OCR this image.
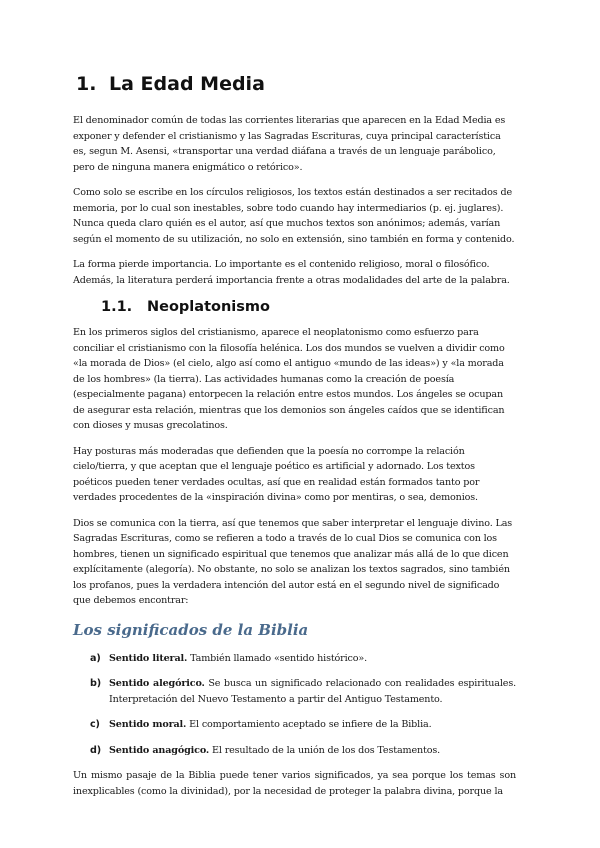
1. La Edad Media

El denominador común de todas las corrientes literarias que aparecen en la Edad Media es exponer y defender el cristianismo y las Sagradas Escrituras, cuya principal característica es, segun M. Asensi, «transportar una verdad diáfana a través de un lenguaje parábolico, pero de ninguna manera enigmático o retórico».

Como solo se escribe en los círculos religiosos, los textos están destinados a ser recitados de memoria, por lo cual son inestables, sobre todo cuando hay intermediarios (p. ej. juglares). Nunca queda claro quién es el autor, así que muchos textos son anónimos; además, varían según el momento de su utilización, no solo en extensión, sino también en forma y contenido.

La forma pierde importancia. Lo importante es el contenido religioso, moral o filosófico. Además, la literatura perderá importancia frente a otras modalidades del arte de la palabra.

1.1. Neoplatonismo

En los primeros siglos del cristianismo, aparece el neoplatonismo como esfuerzo para conciliar el cristianismo con la filosofía helénica. Los dos mundos se vuelven a dividir como «la morada de Dios» (el cielo, algo así como el antiguo «mundo de las ideas») y «la morada de los hombres» (la tierra). Las actividades humanas como la creación de poesía (especialmente pagana) entorpecen la relación entre estos mundos. Los ángeles se ocupan de asegurar esta relación, mientras que los demonios son ángeles caídos que se identifican con dioses y musas grecolatinos.

Hay posturas más moderadas que defienden que la poesía no corrompe la relación cielo/tierra, y que aceptan que el lenguaje poético es artificial y adornado. Los textos poéticos pueden tener verdades ocultas, así que en realidad están formados tanto por verdades procedentes de la «inspiración divina» como por mentiras, o sea, demonios.

Dios se comunica con la tierra, así que tenemos que saber interpretar el lenguaje divino. Las Sagradas Escrituras, como se refieren a todo a través de lo cual Dios se comunica con los hombres, tienen un significado espiritual que tenemos que analizar más allá de lo que dicen explícitamente (alegoría). No obstante, no solo se analizan los textos sagrados, sino también los profanos, pues la verdadera intención del autor está en el segundo nivel de significado que debemos encontrar:

Los significados de la Biblia
a) Sentido literal. También llamado «sentido histórico».
b) Sentido alegórico. Se busca un significado relacionado con realidades espirituales. Interpretación del Nuevo Testamento a partir del Antiguo Testamento.
c) Sentido moral. El comportamiento aceptado se infiere de la Biblia.
d) Sentido anagógico. El resultado de la unión de los dos Testamentos.

Un mismo pasaje de la Biblia puede tener varios significados, ya sea porque los temas son inexplicables (como la divinidad), por la necesidad de proteger la palabra divina, porque la
